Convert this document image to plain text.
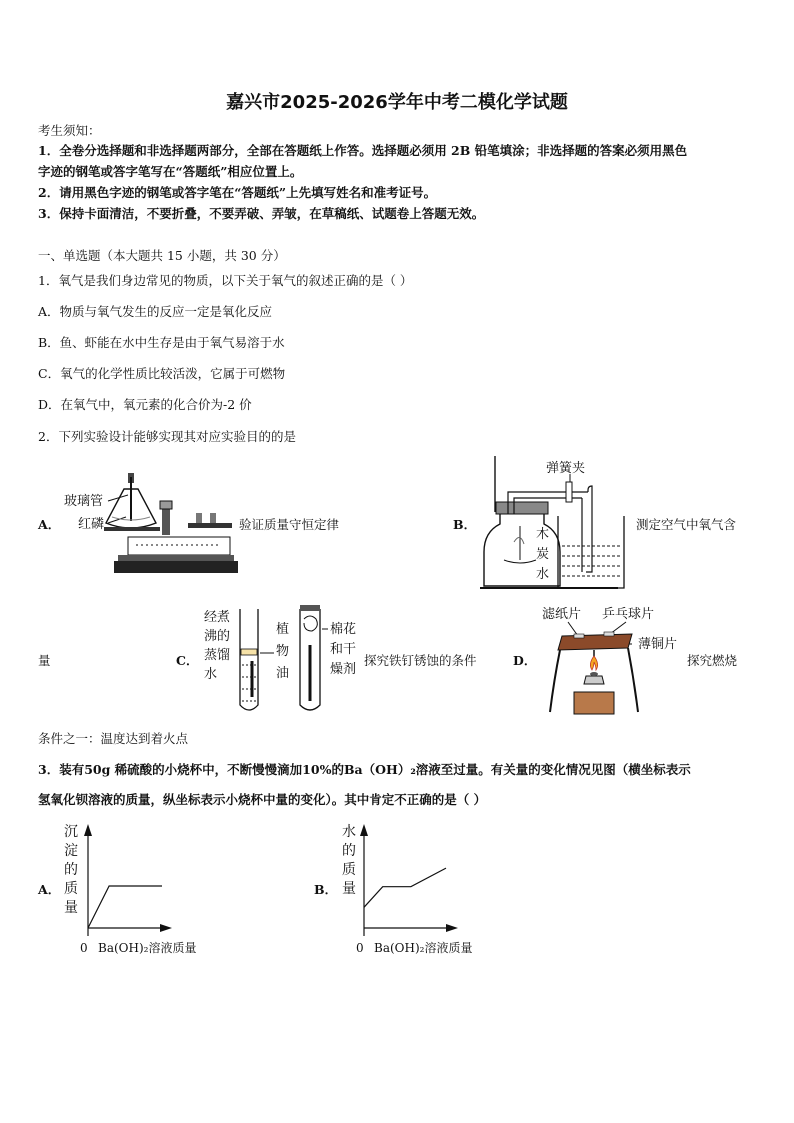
嘉兴市2025-2026学年中考二模化学试题
考生须知：
1．全卷分选择题和非选择题两部分，全部在答题纸上作答。选择题必须用 2B 铅笔填涂；非选择题的答案必须用黑色
字迹的钢笔或答字笔写在“答题纸”相应位置上。
2．请用黑色字迹的钢笔或答字笔在“答题纸”上先填写姓名和准考证号。
3．保持卡面清洁，不要折叠，不要弄破、弄皱，在草稿纸、试题卷上答题无效。
一、单选题（本大题共 15 小题，共 30 分）
1．氧气是我们身边常见的物质，以下关于氧气的叙述正确的是（ ）
A．物质与氧气发生的反应一定是氧化反应
B．鱼、虾能在水中生存是由于氧气易溶于水
C．氧气的化学性质比较活泼，它属于可燃物
D．在氧气中，氧元素的化合价为-2 价
2．下列实验设计能够实现其对应实验目的的是
A．
玻璃管
红磷	验证质量守恒定律	B．
弹簧夹
木
炭
水
测定空气中氧气含
量	C．
经煮
沸的
蒸馏
水
植
物
油
棉花
和干
燥剂
探究铁钉锈蚀的条件	D．
滤纸片 乒乓球片
薄铜片
探究燃烧
条件之一：温度达到着火点
3．装有50g 稀硫酸的小烧杯中，不断慢慢滴加10%的Ba（OH）₂溶液至过量。有关量的变化情况见图（横坐标表示
氢氧化钡溶液的质量，纵坐标表示小烧杯中量的变化）。其中肯定不正确的是（ ）
A．
沉
淀
的
质
量
0 Ba(OH)₂溶液质量
B．
水
的
质
量
0 Ba(OH)₂溶液质量
